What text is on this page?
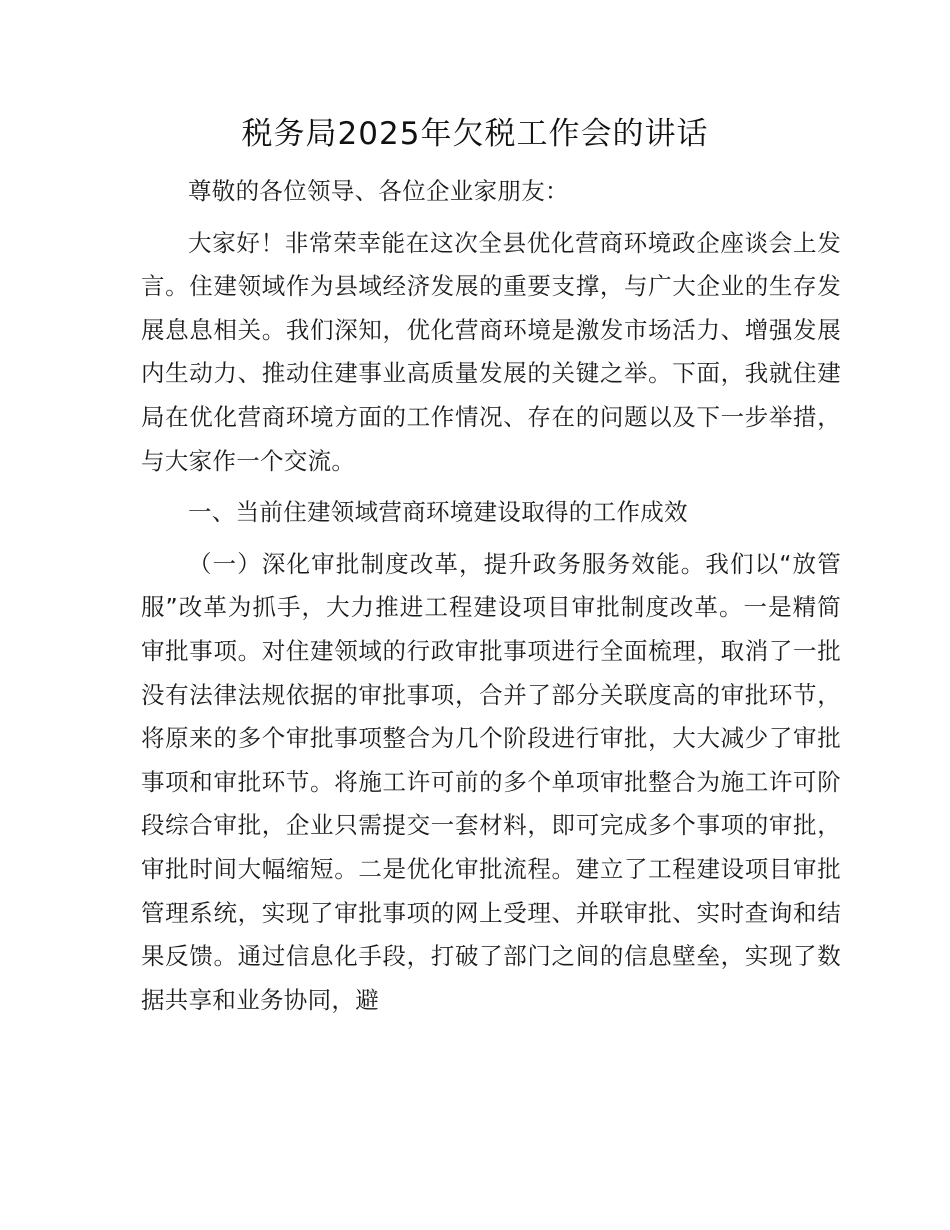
税务局2025年欠税工作会的讲话

尊敬的各位领导、各位企业家朋友：

大家好！非常荣幸能在这次全县优化营商环境政企座谈会上发言。住建领域作为县域经济发展的重要支撑，与广大企业的生存发展息息相关。我们深知，优化营商环境是激发市场活力、增强发展内生动力、推动住建事业高质量发展的关键之举。下面，我就住建局在优化营商环境方面的工作情况、存在的问题以及下一步举措，与大家作一个交流。

一、当前住建领域营商环境建设取得的工作成效

（一）深化审批制度改革，提升政务服务效能。我们以“放管服”改革为抓手，大力推进工程建设项目审批制度改革。一是精简审批事项。对住建领域的行政审批事项进行全面梳理，取消了一批没有法律法规依据的审批事项，合并了部分关联度高的审批环节，将原来的多个审批事项整合为几个阶段进行审批，大大减少了审批事项和审批环节。将施工许可前的多个单项审批整合为施工许可阶段综合审批，企业只需提交一套材料，即可完成多个事项的审批，审批时间大幅缩短。二是优化审批流程。建立了工程建设项目审批管理系统，实现了审批事项的网上受理、并联审批、实时查询和结果反馈。通过信息化手段，打破了部门之间的信息壁垒，实现了数据共享和业务协同，避
